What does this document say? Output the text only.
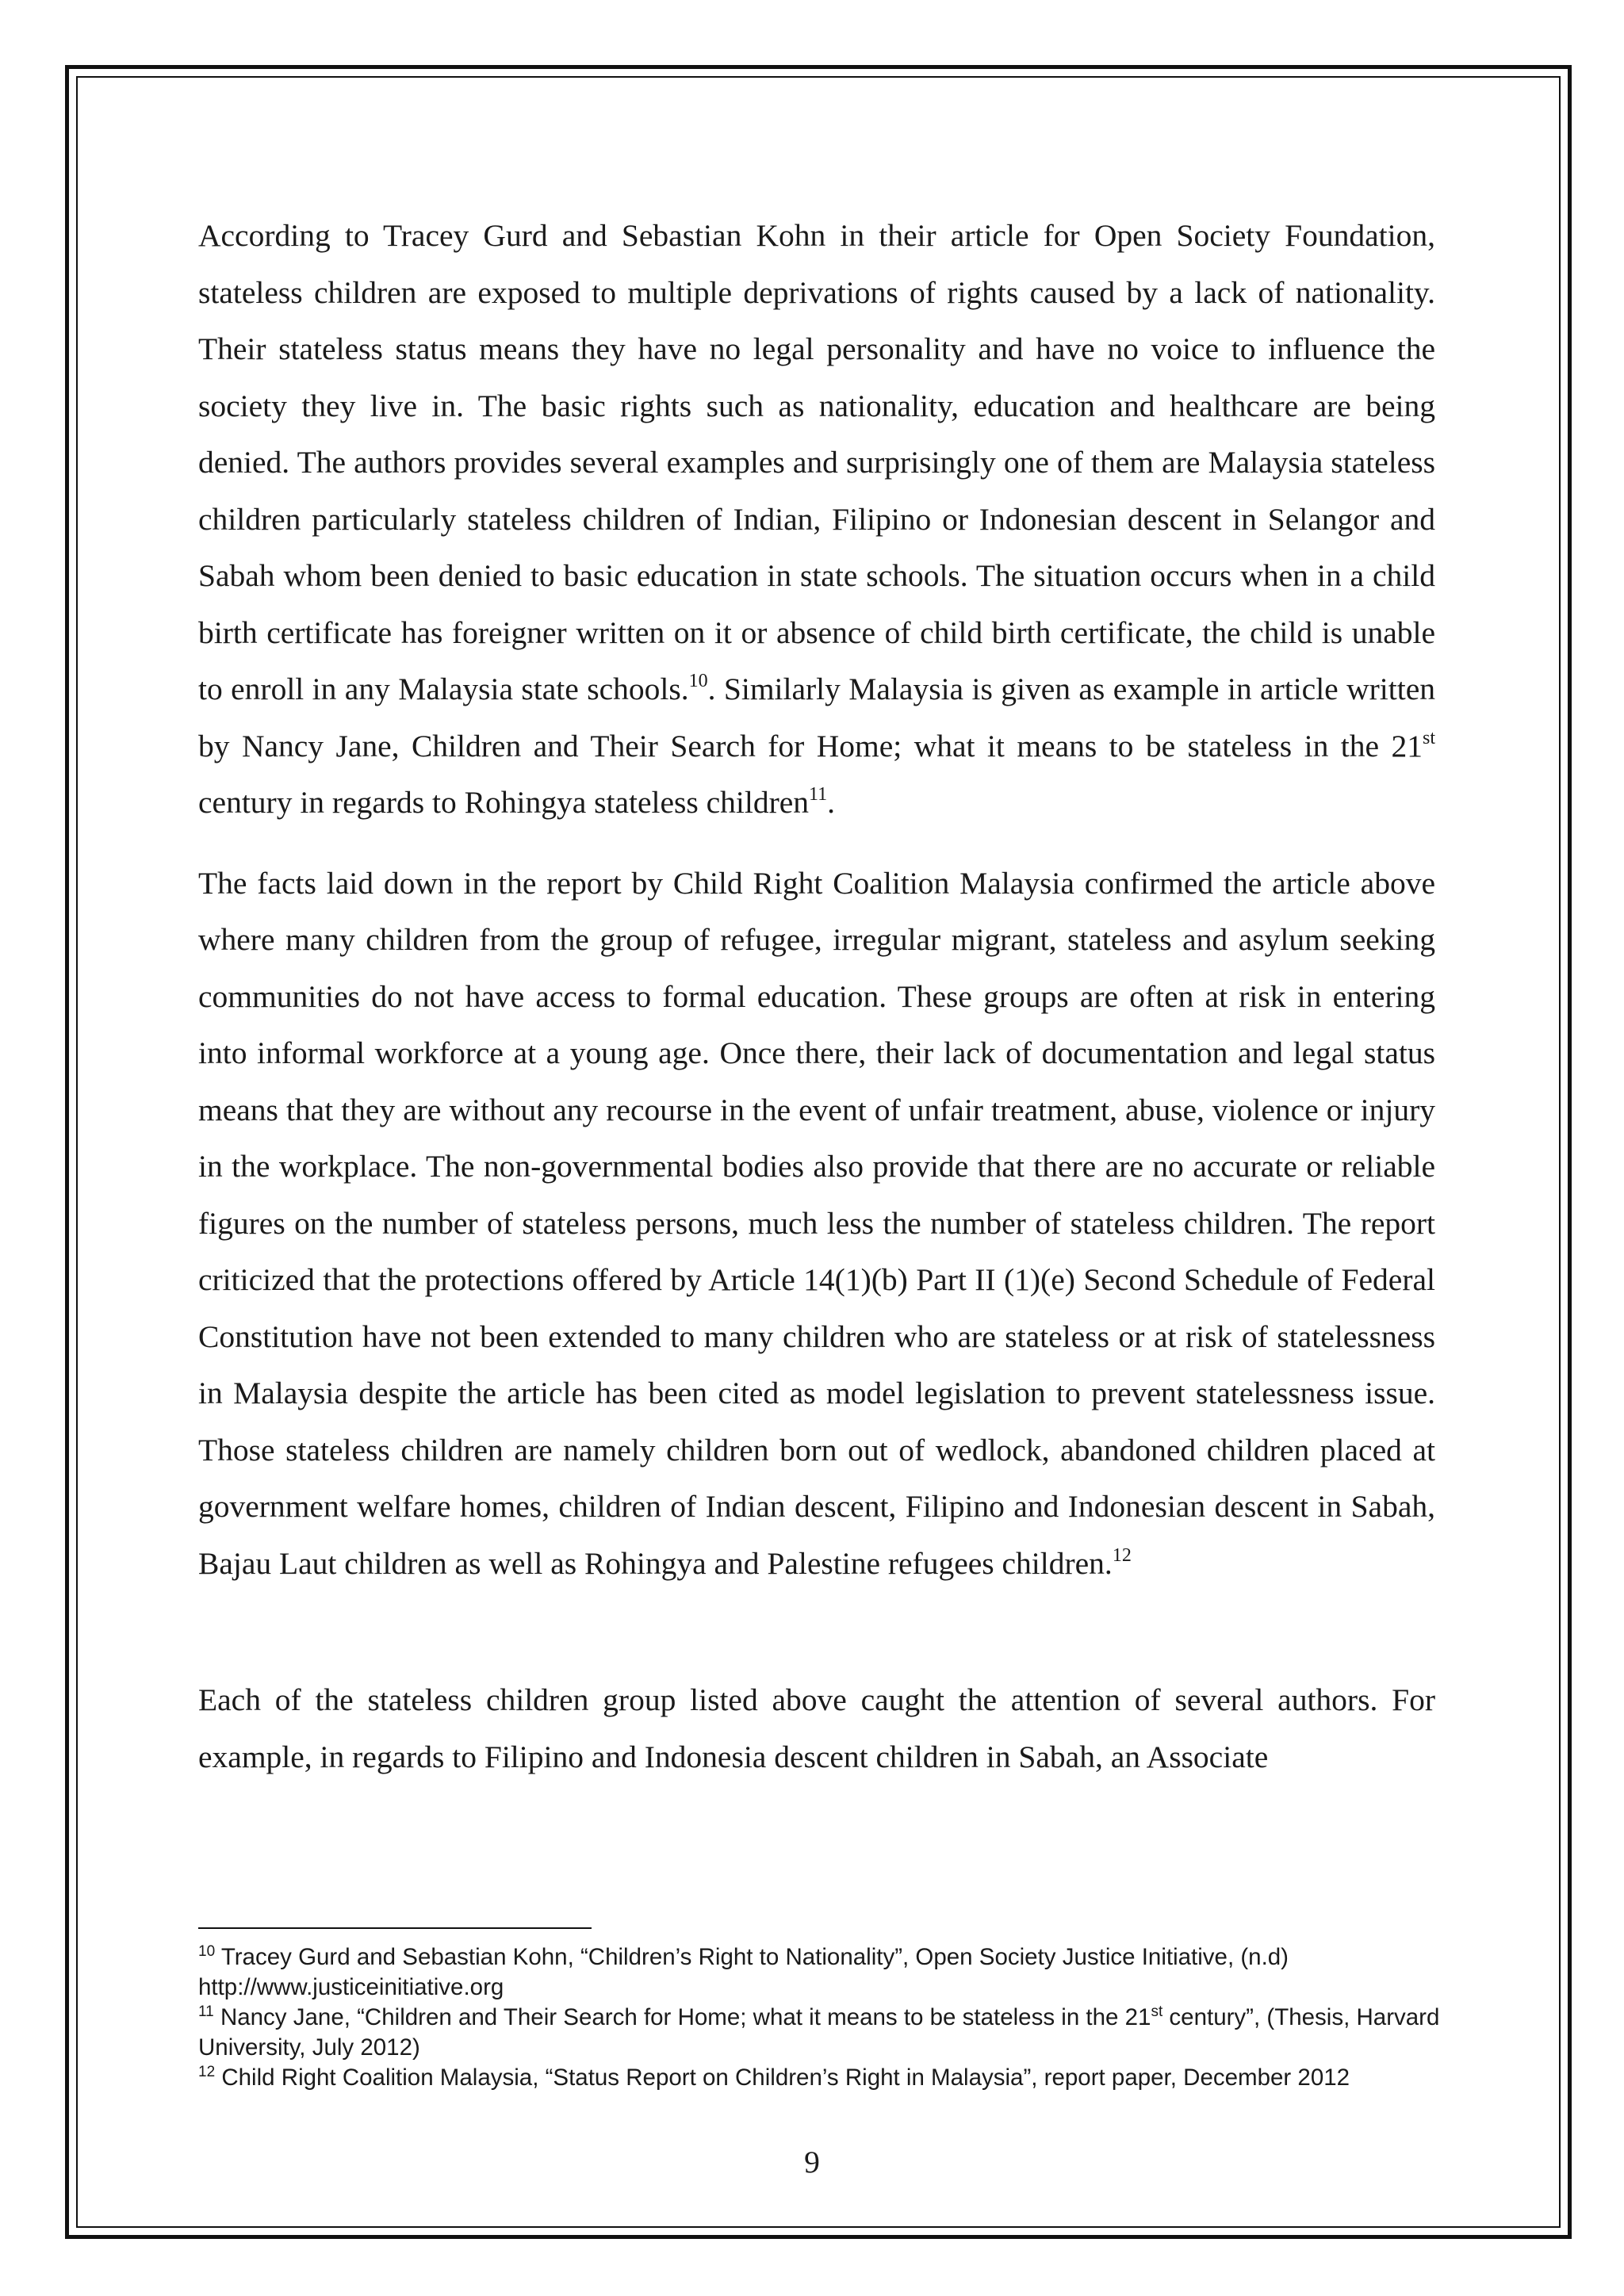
According to Tracey Gurd and Sebastian Kohn in their article for Open Society Foundation, stateless children are exposed to multiple deprivations of rights caused by a lack of nationality. Their stateless status means they have no legal personality and have no voice to influence the society they live in. The basic rights such as nationality, education and healthcare are being denied. The authors provides several examples and surprisingly one of them are Malaysia stateless children particularly stateless children of Indian, Filipino or Indonesian descent in Selangor and Sabah whom been denied to basic education in state schools. The situation occurs when in a child birth certificate has foreigner written on it or absence of child birth certificate, the child is unable to enroll in any Malaysia state schools.$^{10}$. Similarly Malaysia is given as example in article written by Nancy Jane, Children and Their Search for Home; what it means to be stateless in the 21st century in regards to Rohingya stateless children$^{11}$.

The facts laid down in the report by Child Right Coalition Malaysia confirmed the article above where many children from the group of refugee, irregular migrant, stateless and asylum seeking communities do not have access to formal education. These groups are often at risk in entering into informal workforce at a young age. Once there, their lack of documentation and legal status means that they are without any recourse in the event of unfair treatment, abuse, violence or injury in the workplace. The non-governmental bodies also provide that there are no accurate or reliable figures on the number of stateless persons, much less the number of stateless children. The report criticized that the protections offered by Article 14(1)(b) Part II (1)(e) Second Schedule of Federal Constitution have not been extended to many children who are stateless or at risk of statelessness in Malaysia despite the article has been cited as model legislation to prevent statelessness issue. Those stateless children are namely children born out of wedlock, abandoned children placed at government welfare homes, children of Indian descent, Filipino and Indonesian descent in Sabah, Bajau Laut children as well as Rohingya and Palestine refugees children.$^{12}$

Each of the stateless children group listed above caught the attention of several authors. For example, in regards to Filipino and Indonesia descent children in Sabah, an Associate

$^{10}$ Tracey Gurd and Sebastian Kohn, “Children’s Right to Nationality”, Open Society Justice Initiative, (n.d)
http://www.justiceinitiative.org

$^{11}$ Nancy Jane, “Children and Their Search for Home; what it means to be stateless in the 21st century”, (Thesis, Harvard University, July 2012)

$^{12}$ Child Right Coalition Malaysia, “Status Report on Children’s Right in Malaysia”, report paper, December 2012

9
